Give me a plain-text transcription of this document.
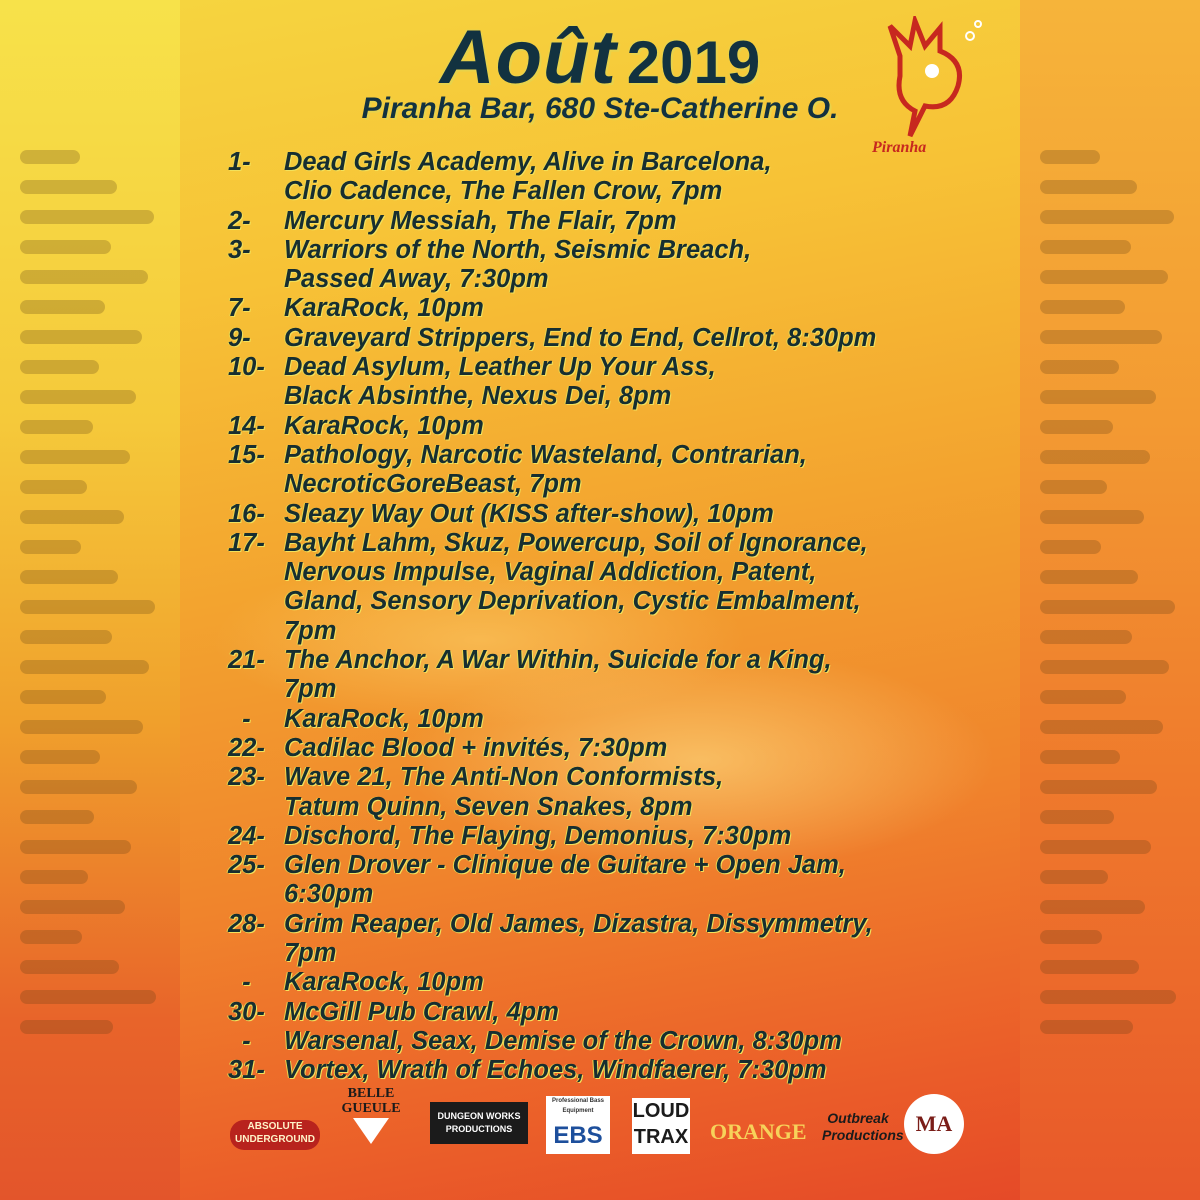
Août 2019
Piranha Bar, 680 Ste-Catherine O.
Piranha
1-	Dead Girls Academy, Alive in Barcelona,
Clio Cadence, The Fallen Crow, 7pm
2-	Mercury Messiah, The Flair, 7pm
3-	Warriors of the North, Seismic Breach,
Passed Away, 7:30pm
7-	KaraRock, 10pm
9-	Graveyard Strippers, End to End, Cellrot, 8:30pm
10- Dead Asylum, Leather Up Your Ass,
Black Absinthe, Nexus Dei, 8pm
14- KaraRock, 10pm
15- Pathology, Narcotic Wasteland, Contrarian,
NecroticGoreBeast, 7pm
16- Sleazy Way Out (KISS after-show), 10pm
17- Bayht Lahm, Skuz, Powercup, Soil of Ignorance,
Nervous Impulse, Vaginal Addiction, Patent,
Gland, Sensory Deprivation, Cystic Embalment,
7pm
21- The Anchor, A War Within, Suicide for a King,
7pm
-	KaraRock, 10pm
22- Cadilac Blood + invités, 7:30pm
23- Wave 21, The Anti-Non Conformists,
Tatum Quinn, Seven Snakes, 8pm
24- Dischord, The Flaying, Demonius, 7:30pm
25- Glen Drover - Clinique de Guitare + Open Jam,
6:30pm
28- Grim Reaper, Old James, Dizastra, Dissymmetry,
7pm
-	KaraRock, 10pm
30- McGill Pub Crawl, 4pm
-	Warsenal, Seax, Demise of the Crown, 8:30pm
31- Vortex, Wrath of Echoes, Windfaerer, 7:30pm
ABSOLUTE
UNDERGROUND
BELLE
GUEULE	DUNGEON WORKS
PRODUCTIONS
Professional Bass Equipment
EBS
LOUD
TRAX ORANGE
Outbreak
Productions MA
